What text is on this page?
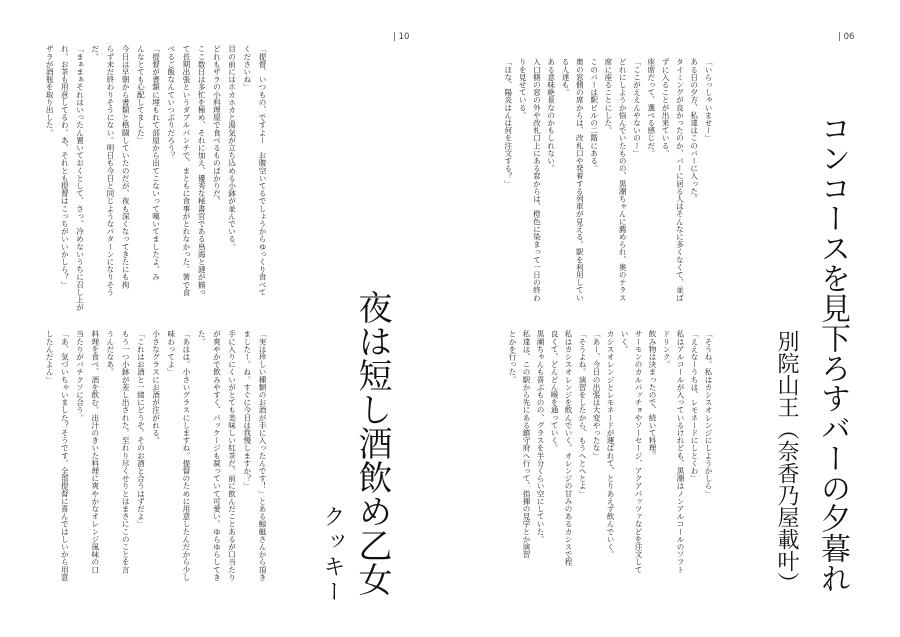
| 10
「提督、いつもの、ですよー　お腹空いてるでしょうからゆっくり食べて
くださいね」
目の前にはホカホカと湯気が立ち込める小鉢が並んでいる。
どれもザラの小料理屋で食べるものばかりだ。
ここ数日は多忙を極め、それに加え、優秀な秘書官である鳥海と漣が揃っ
て長期出張というダブルパンチで、まともに食事がとれなかった。箸で食
べるご飯なんていつぶりだろう？
「提督が書類に埋もれて部屋から出てこないって嘆いてましたよ。み
んなとても心配してました」
今日は早朝から書類と格闘していたのだが、夜も深くなってきたにも拘
らず未だ終わりそうにない。明日も今日と同じようなパターンになりそう
だ。
「まぁまぁそれはいったん置いておくとして、さっ、冷めないうちに召し上が
れ。お茶も用意してるわ。あ、それとも提督はこっちがいいかしら？」
ザラが酒瓶を取り出した。
「実は珍しい種類のお酒が手に入ったんです！」とある鯨艇さんから頂き
ましたー。ね。すぐに今日は我慢しますか？」
手に入りにくいがとても美味しい紅茶だ。前に飲んだことあるが口当たり
が爽やかで飲みやすく、パッケージも凝っていて可愛い。ゆらゆらしてき
た。
「あはは。小さいグラスにしますね。提督のために用意したんだから少し
味わってよ」
小さなグラスにお酒が注がれる。
「これはお酒と一緒にどうぞ。そのお酒と合うはずだよ」
もう一つ小鉢が差し出された。至れり尽くせりとはまさにこのことを言
うんだなあ。
料理を食べ、酒を飲む。出汁のきいた料理に爽やかなオレンジ風味の口
当たりがバチクソに合う。
「あ、気づいちゃいました？そうです。全部提督に喜んではしいから用意
したんだよん」	夜は短し酒飲め乙女
クッキー
| 06
コンコースを見下ろすバーの夕暮れ
別院山王（奈香乃屋載叶）
「いらっしゃいませー」
ある日の夕方、私達はこのバーに入った。
タイミングが良かったのか、バーに居る人はそんなに多くなくて、並ば
ずに入ることが出来ている。
座席だって、選べる感じだ。
「ここがええんやないのー」
どれにしようか悩んでいたものの、黒潮ちゃんに薦められ、奥のテラス
席に座ることにした。
このバーは駅ビルの二階にある。
奥の窓側の席からは、改札口や発着する列車が見える。駅を利用してい
る人達も。
ある意味絶景なのかもしれない。
入口側の窓の外や改札口上にある窓からは、橙色に染まって一日の終わ
りを見せている。
「ほな、陽炎はんは何を注文する？」
「そうね。私はカシスオレンジにしようかしら」
「ええなーうちは、レモネードにしとくわ」
私はアルコールが入っているけれども、黒潮はノンアルコールのソフト
ドリンク。
飲み物は決まったので、続いて料理。
サーモンのカルパッチョやソーセージ、アクアパッツァなどを注文して
いく。
カシスオレンジとレモネードが運ばれて、とりあえず飲んでいく。
「あー、今日の出張は大変やったな」
「そうよね。演習をしたから、もうへとへとよ」
私はカシスオレンジを飲んでいく。オレンジの甘みのあるカシスで程
良くて、どんどん喉を通っていく。
黒潮ちゃんも喜ぶものの、グラスを半分くらい空にしていた。
私達は、この駅から先にある鎮守府へ行って、指揮の見学とか演習
とかを行った。
